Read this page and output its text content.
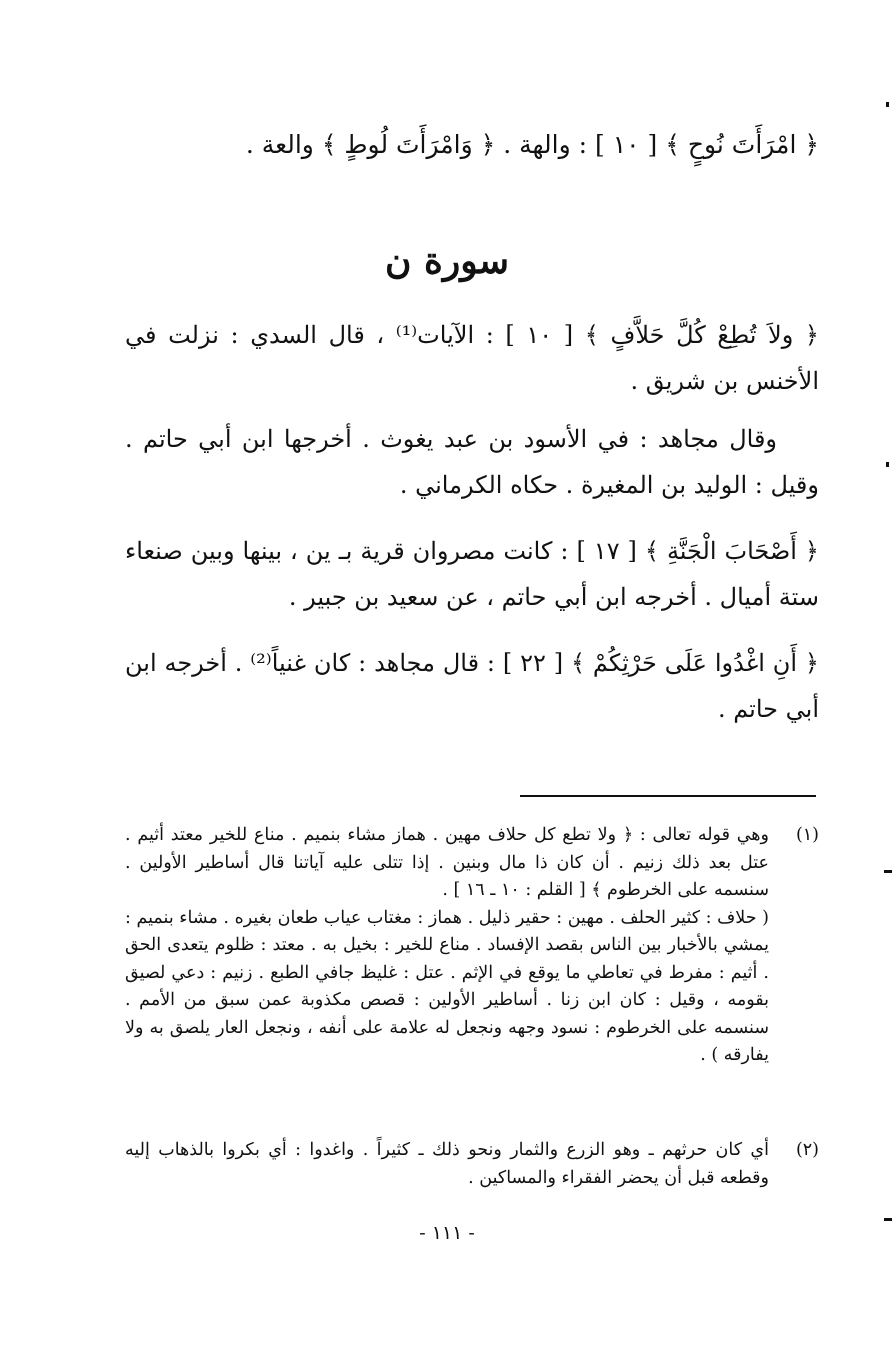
﴿ امْرَأَتَ نُوحٍ ﴾ [ ١٠ ] : والهة . ﴿ وَامْرَأَتَ لُوطٍ ﴾ والعة .
سورة ن
﴿ ولاَ تُطِعْ كُلَّ حَلاَّفٍ ﴾ [ ١٠ ] : الآيات⁽¹⁾ ، قال السدي : نزلت في الأخنس بن شريق .
وقال مجاهد : في الأسود بن عبد يغوث . أخرجها ابن أبي حاتم . وقيل : الوليد بن المغيرة . حكاه الكرماني .
﴿ أَصْحَابَ الْجَنَّةِ ﴾ [ ١٧ ] : كانت مصروان قرية بـ ين ، بينها وبين صنعاء ستة أميال . أخرجه ابن أبي حاتم ، عن سعيد بن جبير .
﴿ أَنِ اغْدُوا عَلَى حَرْثِكُمْ ﴾ [ ٢٢ ] : قال مجاهد : كان غنياً⁽²⁾ . أخرجه ابن أبي حاتم .
(١)
وهي قوله تعالى : ﴿ ولا تطع كل حلاف مهين . هماز مشاء بنميم . مناع للخير معتد أثيم . عتل بعد ذلك زنيم . أن كان ذا مال وبنين . إذا تتلى عليه آياتنا قال أساطير الأولين . سنسمه على الخرطوم ﴾ [ القلم : ١٠ ـ ١٦ ] .
( حلاف : كثير الحلف . مهين : حقير ذليل . هماز : مغتاب عياب طعان بغيره . مشاء بنميم : يمشي بالأخبار بين الناس بقصد الإفساد . مناع للخير : بخيل به . معتد : ظلوم يتعدى الحق . أثيم : مفرط في تعاطي ما يوقع في الإثم . عتل : غليظ جافي الطبع . زنيم : دعي لصيق بقومه ، وقيل : كان ابن زنا . أساطير الأولين : قصص مكذوبة عمن سبق من الأمم . سنسمه على الخرطوم : نسود وجهه ونجعل له علامة على أنفه ، ونجعل العار يلصق به ولا يفارقه ) .
(٢)
أي كان حرثهم ـ وهو الزرع والثمار ونحو ذلك ـ كثيراً . واغدوا : أي بكروا بالذهاب إليه وقطعه قبل أن يحضر الفقراء والمساكين .
- ١١١ -
